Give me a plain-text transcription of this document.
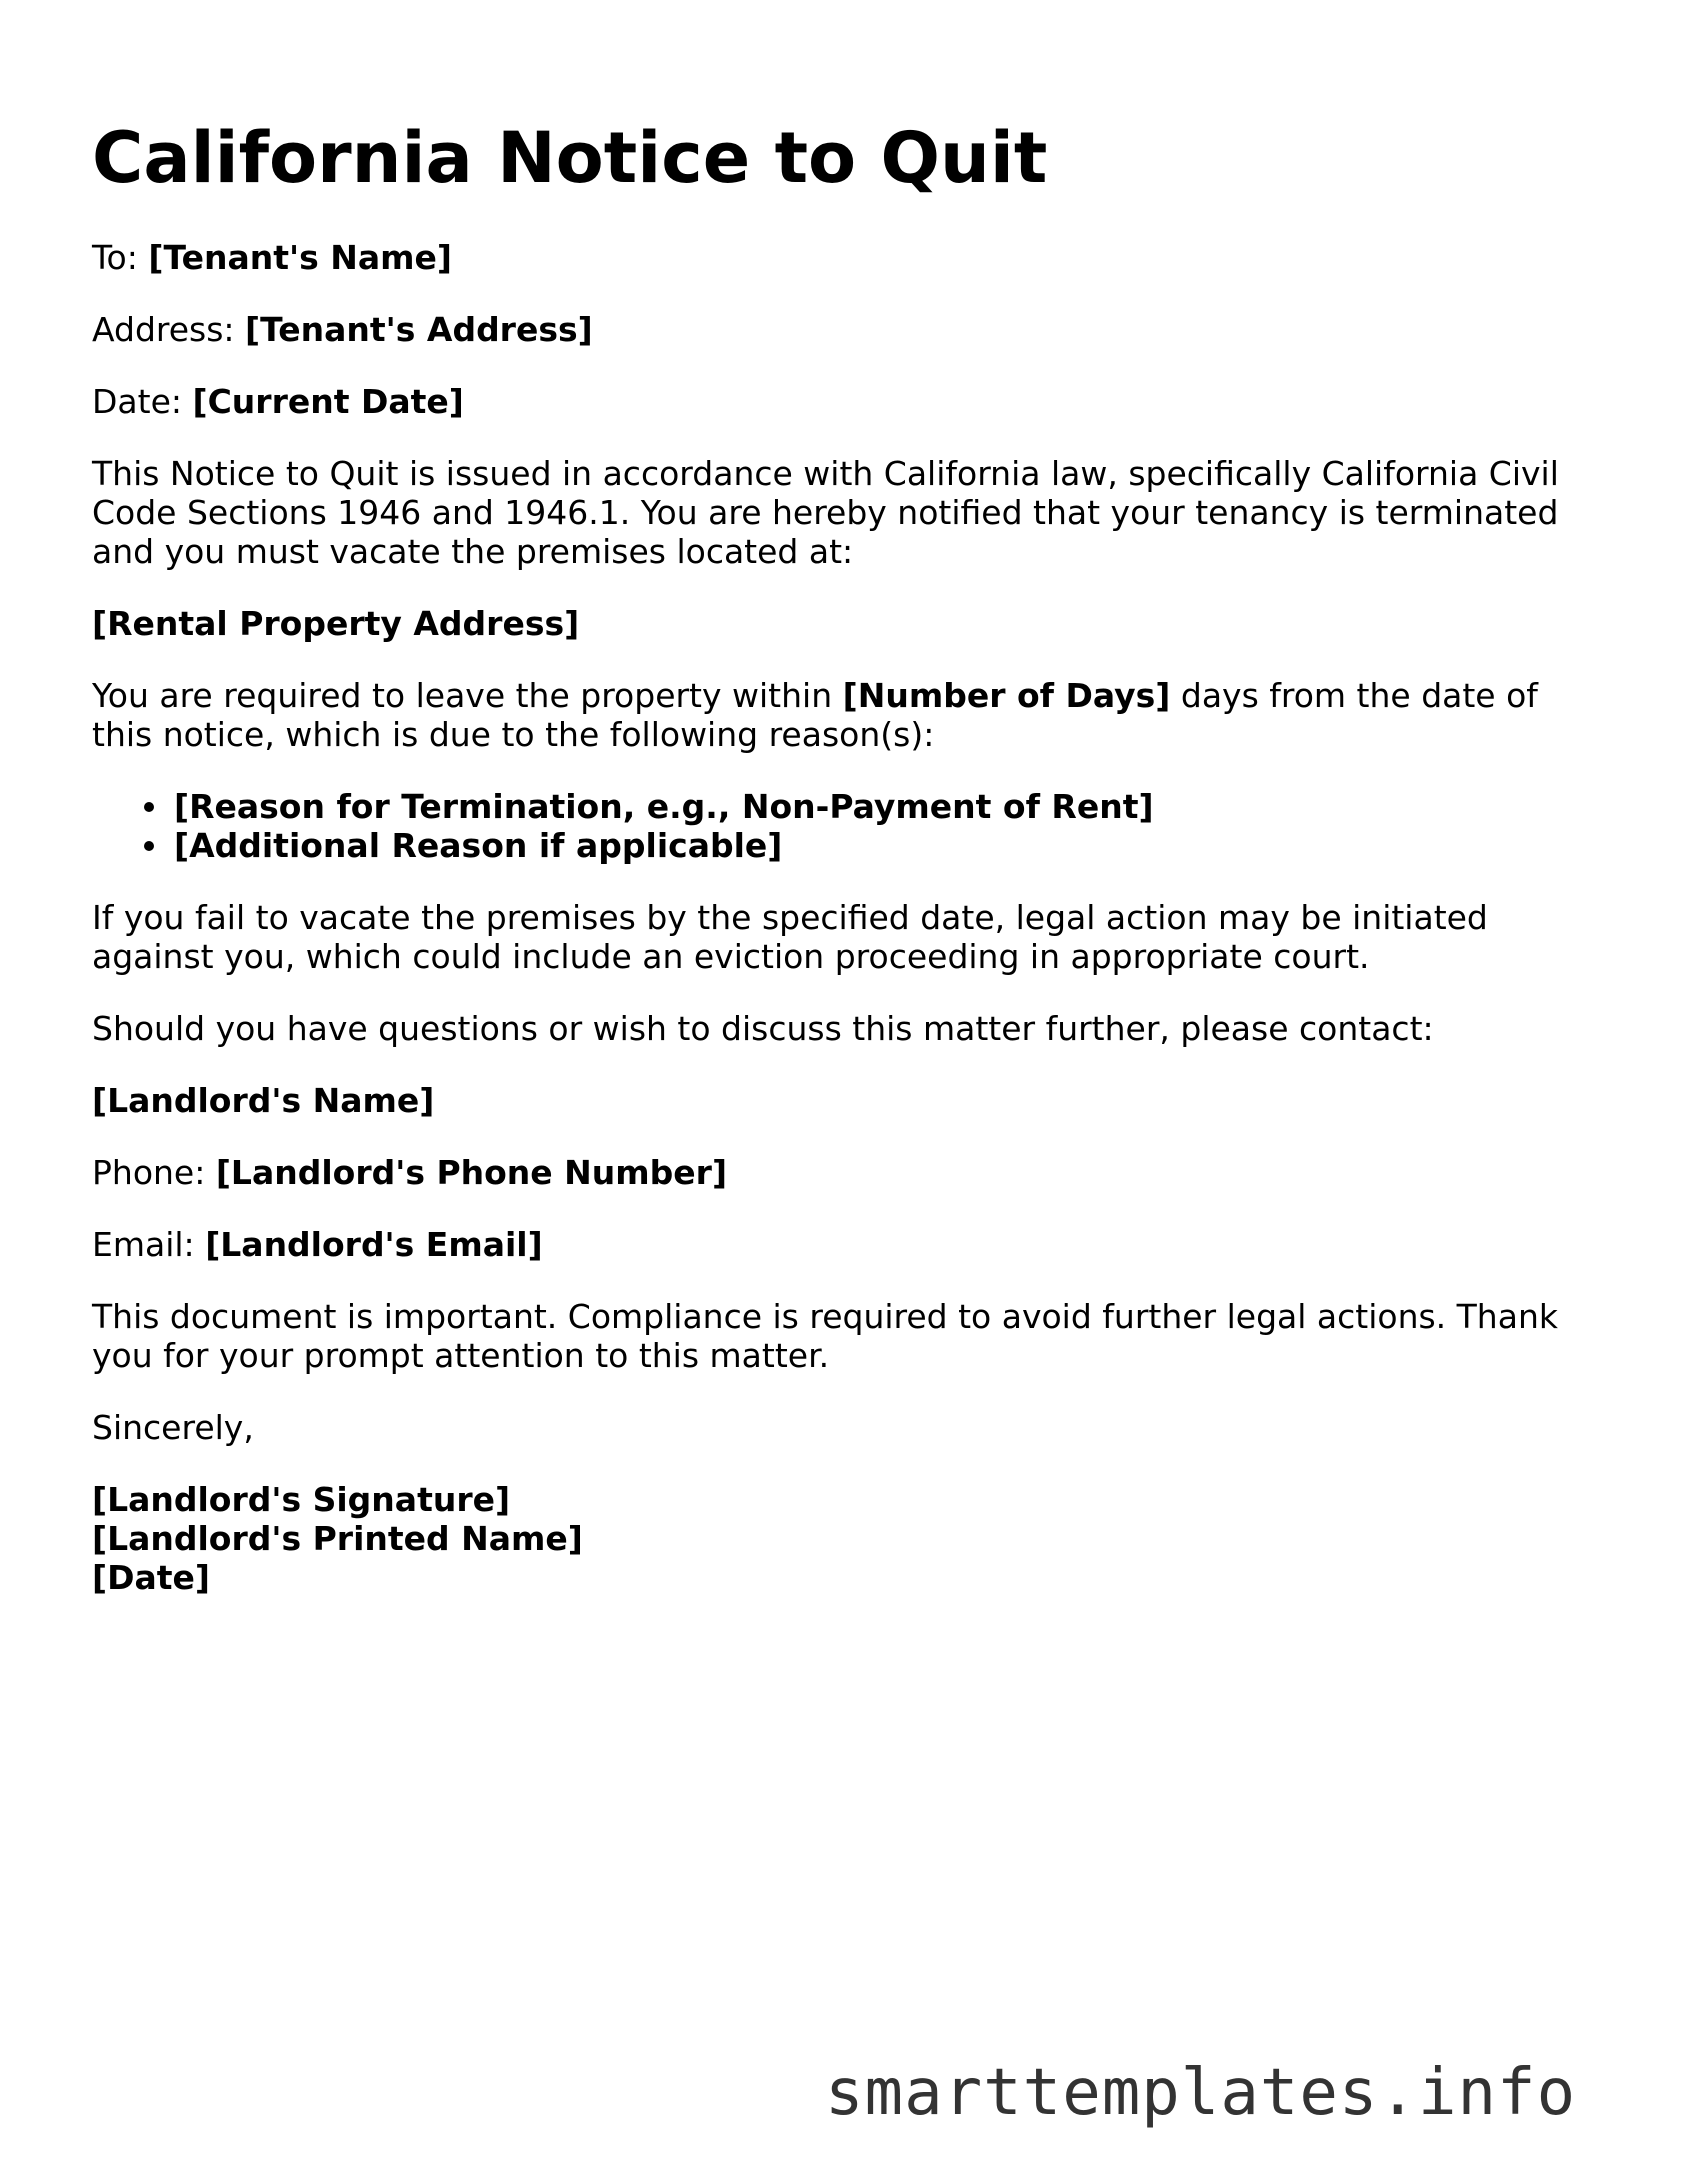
California Notice to Quit

To: [Tenant's Name]

Address: [Tenant's Address]

Date: [Current Date]

This Notice to Quit is issued in accordance with California law, specifically California Civil Code Sections 1946 and 1946.1. You are hereby notified that your tenancy is terminated and you must vacate the premises located at:

[Rental Property Address]

You are required to leave the property within [Number of Days] days from the date of this notice, which is due to the following reason(s):

[Reason for Termination, e.g., Non-Payment of Rent]
[Additional Reason if applicable]

If you fail to vacate the premises by the specified date, legal action may be initiated against you, which could include an eviction proceeding in appropriate court.

Should you have questions or wish to discuss this matter further, please contact:

[Landlord's Name]

Phone: [Landlord's Phone Number]

Email: [Landlord's Email]

This document is important. Compliance is required to avoid further legal actions. Thank you for your prompt attention to this matter.

Sincerely,

[Landlord's Signature]
[Landlord's Printed Name]
[Date]

smarttemplates.info
